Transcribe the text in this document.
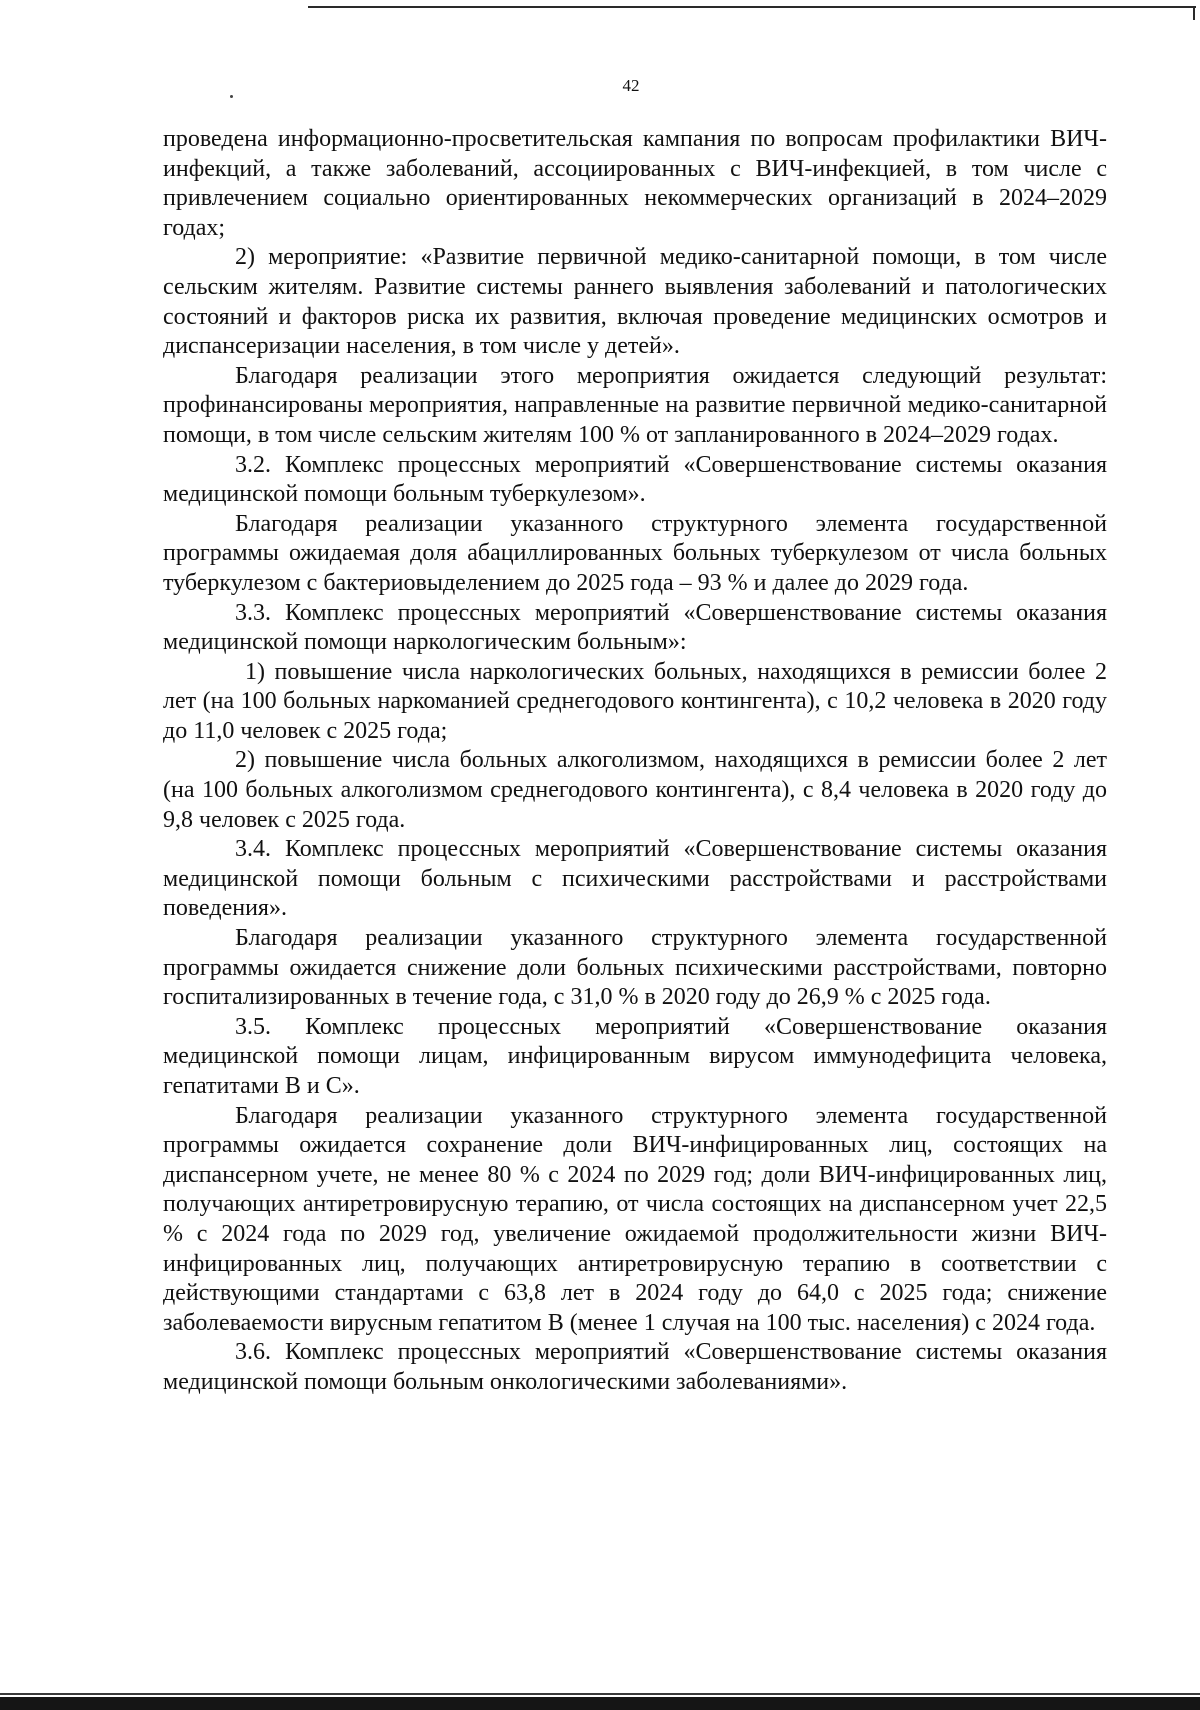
42

проведена информационно-просветительская кампания по вопросам профилактики ВИЧ-инфекций, а также заболеваний, ассоциированных с ВИЧ-инфекцией, в том числе с привлечением социально ориентированных некоммерческих организаций в 2024–2029 годах;

2) мероприятие: «Развитие первичной медико-санитарной помощи, в том числе сельским жителям. Развитие системы раннего выявления заболеваний и патологических состояний и факторов риска их развития, включая проведение медицинских осмотров и диспансеризации населения, в том числе у детей».

Благодаря реализации этого мероприятия ожидается следующий результат: профинансированы мероприятия, направленные на развитие первичной медико-санитарной помощи, в том числе сельским жителям 100 % от запланированного в 2024–2029 годах.

3.2. Комплекс процессных мероприятий «Совершенствование системы оказания медицинской помощи больным туберкулезом».

Благодаря реализации указанного структурного элемента государственной программы ожидаемая доля абациллированных больных туберкулезом от числа больных туберкулезом с бактериовыделением до 2025 года – 93 % и далее до 2029 года.

3.3. Комплекс процессных мероприятий «Совершенствование системы оказания медицинской помощи наркологическим больным»:

1) повышение числа наркологических больных, находящихся в ремиссии более 2 лет (на 100 больных наркоманией среднегодового контингента), с 10,2 человека в 2020 году до 11,0 человек с 2025 года;

2) повышение числа больных алкоголизмом, находящихся в ремиссии более 2 лет (на 100 больных алкоголизмом среднегодового контингента), с 8,4 человека в 2020 году до 9,8 человек с 2025 года.

3.4. Комплекс процессных мероприятий «Совершенствование системы оказания медицинской помощи больным с психическими расстройствами и расстройствами поведения».

Благодаря реализации указанного структурного элемента государственной программы ожидается снижение доли больных психическими расстройствами, повторно госпитализированных в течение года, с 31,0 % в 2020 году до 26,9 % с 2025 года.

3.5. Комплекс процессных мероприятий «Совершенствование оказания медицинской помощи лицам, инфицированным вирусом иммунодефицита человека, гепатитами В и С».

Благодаря реализации указанного структурного элемента государственной программы ожидается сохранение доли ВИЧ-инфицированных лиц, состоящих на диспансерном учете, не менее 80 % с 2024 по 2029 год; доли ВИЧ-инфицированных лиц, получающих антиретровирусную терапию, от числа состоящих на диспансерном учет 22,5 % с 2024 года по 2029 год, увеличение ожидаемой продолжительности жизни ВИЧ-инфицированных лиц, получающих антиретровирусную терапию в соответствии с действующими стандартами с 63,8 лет в 2024 году до 64,0 с 2025 года; снижение заболеваемости вирусным гепатитом В (менее 1 случая на 100 тыс. населения) с 2024 года.

3.6. Комплекс процессных мероприятий «Совершенствование системы оказания медицинской помощи больным онкологическими заболеваниями».
